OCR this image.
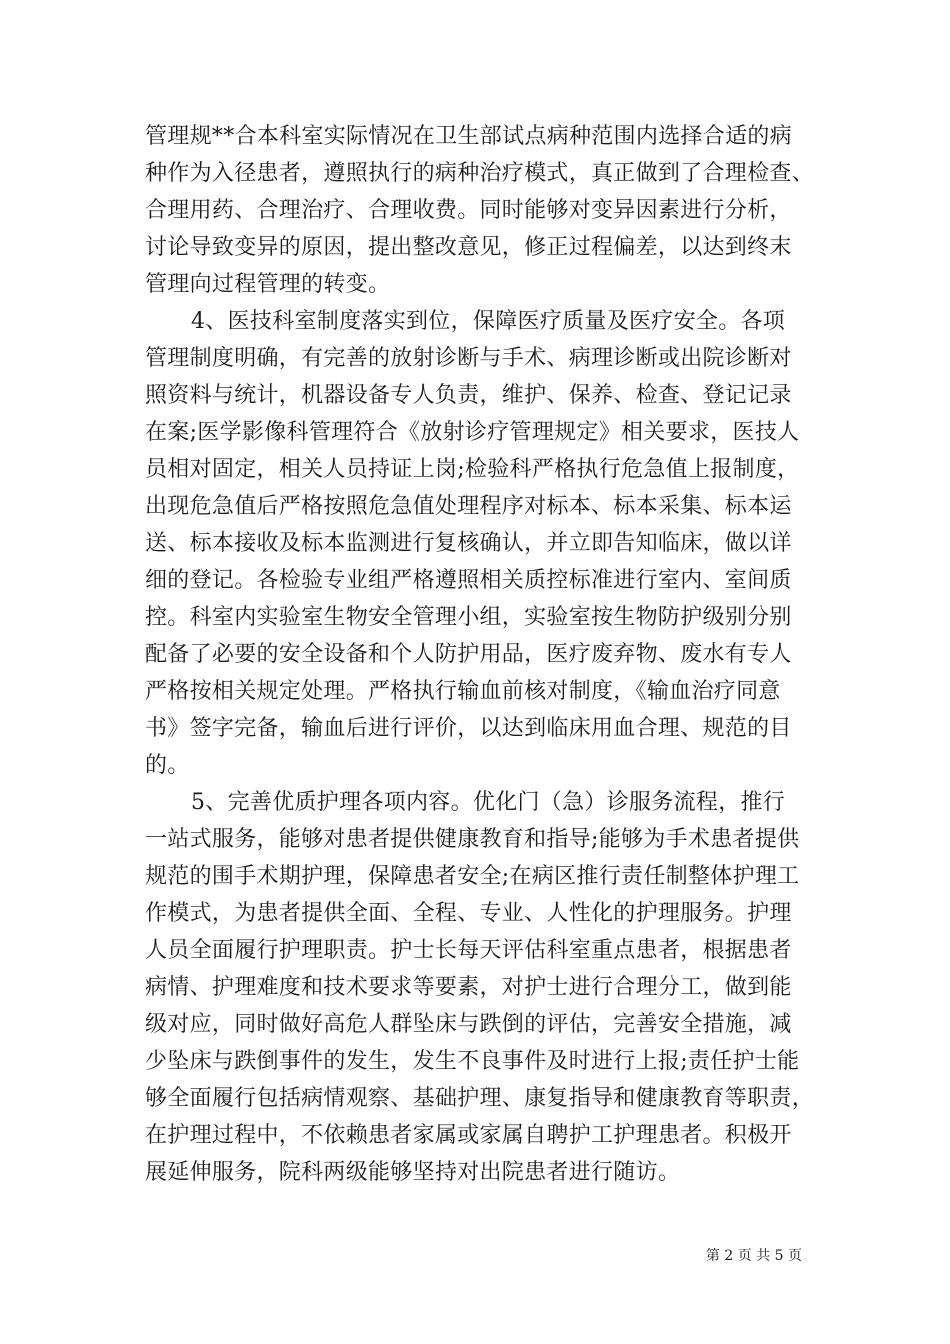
管理规**合本科室实际情况在卫生部试点病种范围内选择合适的病
种作为入径患者，遵照执行的病种治疗模式，真正做到了合理检查、
合理用药、合理治疗、合理收费。同时能够对变异因素进行分析，
讨论导致变异的原因，提出整改意见，修正过程偏差，以达到终末
管理向过程管理的转变。
4、医技科室制度落实到位，保障医疗质量及医疗安全。各项
管理制度明确，有完善的放射诊断与手术、病理诊断或出院诊断对
照资料与统计，机器设备专人负责，维护、保养、检查、登记记录
在案;医学影像科管理符合《放射诊疗管理规定》相关要求，医技人
员相对固定，相关人员持证上岗;检验科严格执行危急值上报制度，
出现危急值后严格按照危急值处理程序对标本、标本采集、标本运
送、标本接收及标本监测进行复核确认，并立即告知临床，做以详
细的登记。各检验专业组严格遵照相关质控标准进行室内、室间质
控。科室内实验室生物安全管理小组，实验室按生物防护级别分别
配备了必要的安全设备和个人防护用品，医疗废弃物、废水有专人
严格按相关规定处理。严格执行输血前核对制度，《输血治疗同意
书》签字完备，输血后进行评价，以达到临床用血合理、规范的目
的。
5、完善优质护理各项内容。优化门（急）诊服务流程，推行
一站式服务，能够对患者提供健康教育和指导;能够为手术患者提供
规范的围手术期护理，保障患者安全;在病区推行责任制整体护理工
作模式，为患者提供全面、全程、专业、人性化的护理服务。护理
人员全面履行护理职责。护士长每天评估科室重点患者，根据患者
病情、护理难度和技术要求等要素，对护士进行合理分工，做到能
级对应，同时做好高危人群坠床与跌倒的评估，完善安全措施，减
少坠床与跌倒事件的发生，发生不良事件及时进行上报;责任护士能
够全面履行包括病情观察、基础护理、康复指导和健康教育等职责，
在护理过程中，不依赖患者家属或家属自聘护工护理患者。积极开
展延伸服务，院科两级能够坚持对出院患者进行随访。
第 2 页 共 5 页
